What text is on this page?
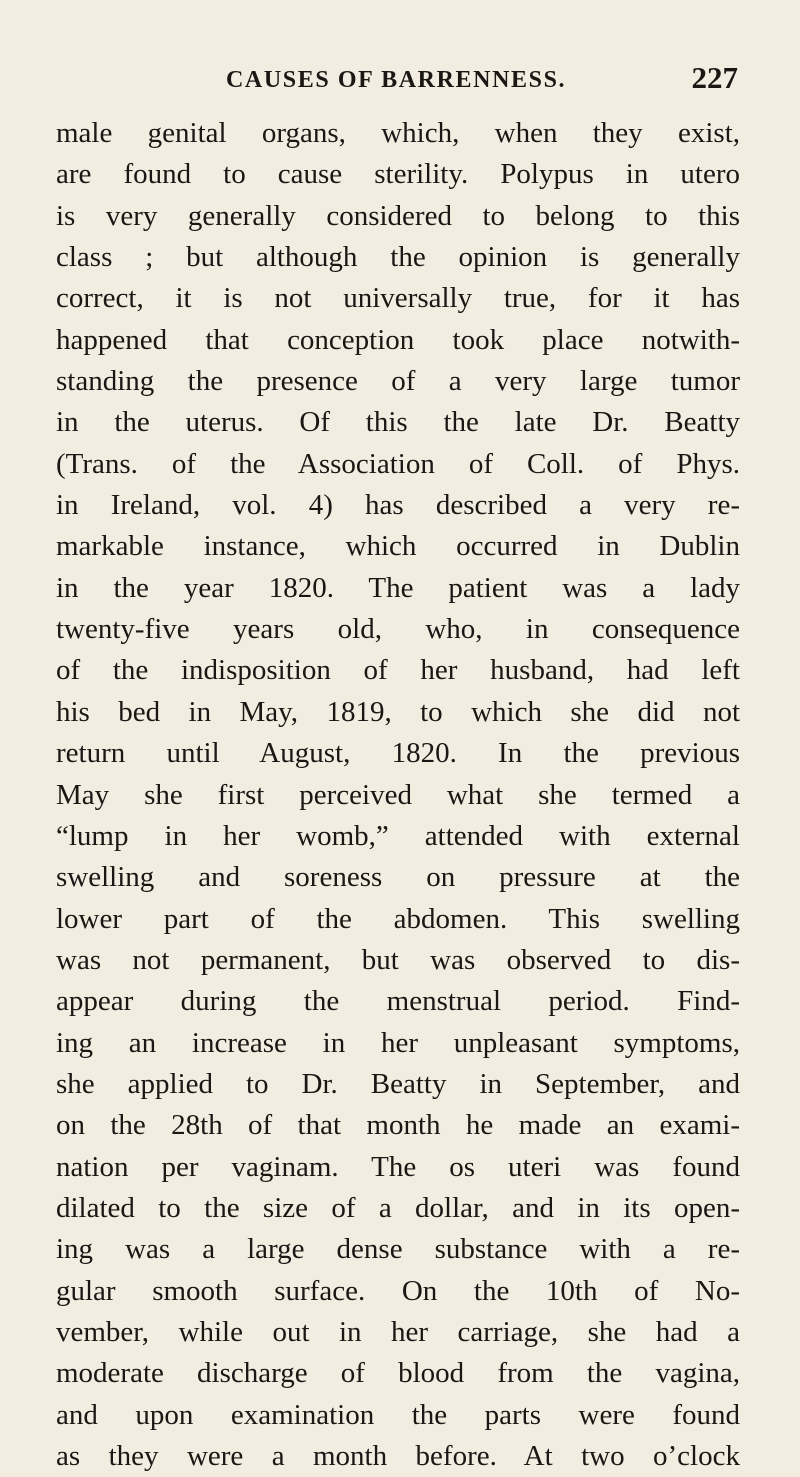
CAUSES OF BARRENNESS.	227
male genital organs, which, when they exist,
are found to cause sterility. Polypus in utero
is very generally considered to belong to this
class ; but although the opinion is generally
correct, it is not universally true, for it has
happened that conception took place notwith-
standing the presence of a very large tumor
in the uterus. Of this the late Dr. Beatty
(Trans. of the Association of Coll. of Phys.
in Ireland, vol. 4) has described a very re-
markable instance, which occurred in Dublin
in the year 1820. The patient was a lady
twenty-five years old, who, in consequence
of the indisposition of her husband, had left
his bed in May, 1819, to which she did not
return until August, 1820. In the previous
May she first perceived what she termed a
“lump in her womb,” attended with external
swelling and soreness on pressure at the
lower part of the abdomen. This swelling
was not permanent, but was observed to dis-
appear during the menstrual period. Find-
ing an increase in her unpleasant symptoms,
she applied to Dr. Beatty in September, and
on the 28th of that month he made an exami-
nation per vaginam. The os uteri was found
dilated to the size of a dollar, and in its open-
ing was a large dense substance with a re-
gular smooth surface. On the 10th of No-
vember, while out in her carriage, she had a
moderate discharge of blood from the vagina,
and upon examination the parts were found
as they were a month before. At two o’clock
